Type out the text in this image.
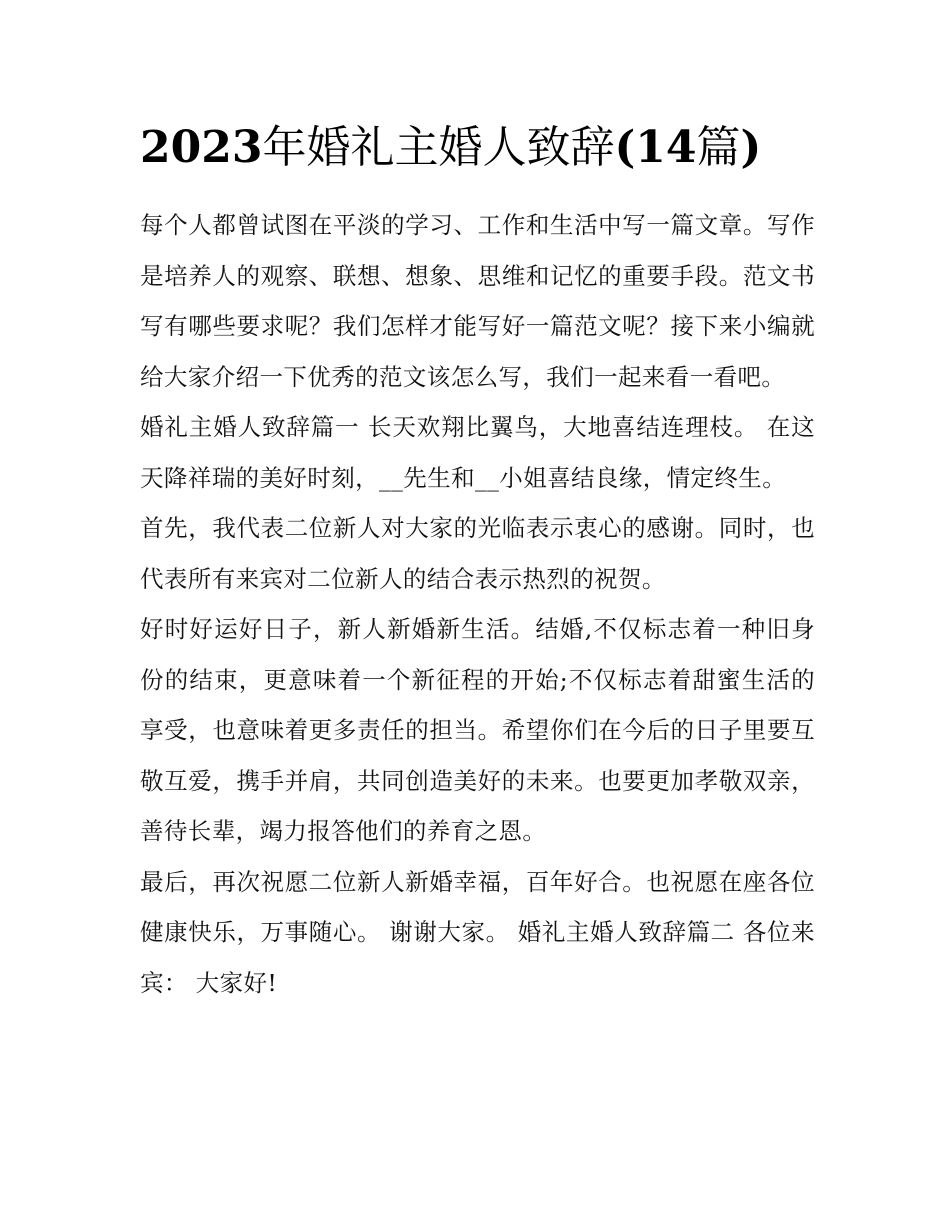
2023年婚礼主婚人致辞(14篇)

每个人都曾试图在平淡的学习、工作和生活中写一篇文章。写作是培养人的观察、联想、想象、思维和记忆的重要手段。范文书写有哪些要求呢？我们怎样才能写好一篇范文呢？接下来小编就给大家介绍一下优秀的范文该怎么写，我们一起来看一看吧。

婚礼主婚人致辞篇一 长天欢翔比翼鸟，大地喜结连理枝。 在这天降祥瑞的美好时刻，__先生和__小姐喜结良缘，情定终生。

首先，我代表二位新人对大家的光临表示衷心的感谢。同时，也代表所有来宾对二位新人的结合表示热烈的祝贺。

好时好运好日子，新人新婚新生活。结婚,不仅标志着一种旧身份的结束，更意味着一个新征程的开始;不仅标志着甜蜜生活的享受，也意味着更多责任的担当。希望你们在今后的日子里要互敬互爱，携手并肩，共同创造美好的未来。也要更加孝敬双亲，善待长辈，竭力报答他们的养育之恩。

最后，再次祝愿二位新人新婚幸福，百年好合。也祝愿在座各位健康快乐，万事随心。 谢谢大家。 婚礼主婚人致辞篇二 各位来宾： 大家好!
